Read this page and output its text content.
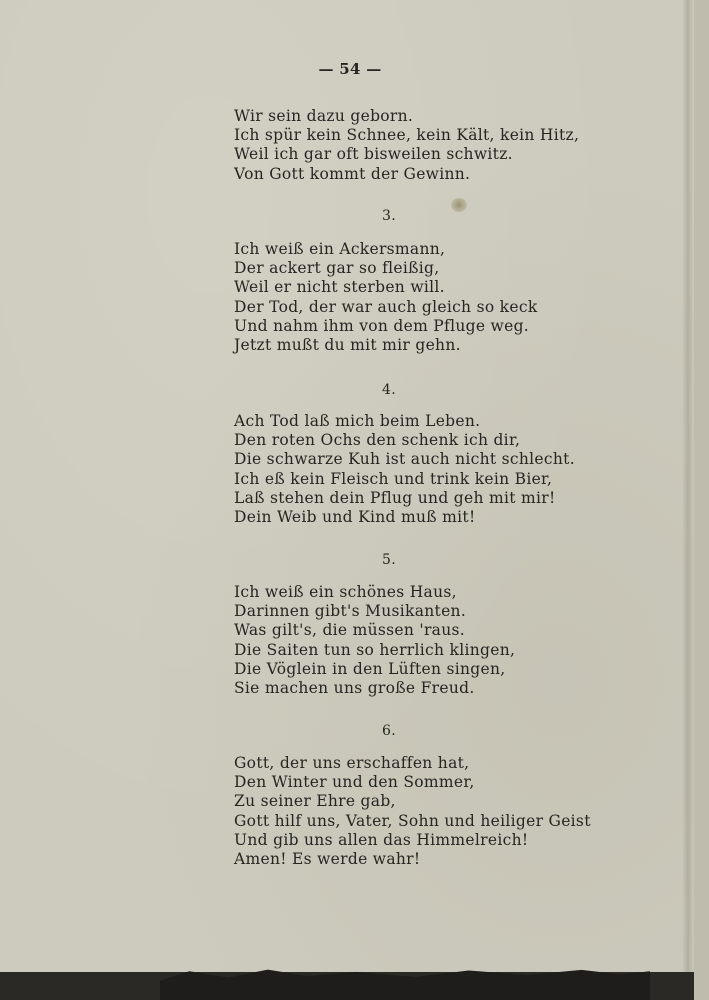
— 54 —
Wir sein dazu geborn.
Ich spür kein Schnee, kein Kält, kein Hitz,
Weil ich gar oft bisweilen schwitz.
Von Gott kommt der Gewinn.
3.
Ich weiß ein Ackersmann,
Der ackert gar so fleißig,
Weil er nicht sterben will.
Der Tod, der war auch gleich so keck
Und nahm ihm von dem Pfluge weg.
Jetzt mußt du mit mir gehn.
4.
Ach Tod laß mich beim Leben.
Den roten Ochs den schenk ich dir,
Die schwarze Kuh ist auch nicht schlecht.
Ich eß kein Fleisch und trink kein Bier,
Laß stehen dein Pflug und geh mit mir!
Dein Weib und Kind muß mit!
5.
Ich weiß ein schönes Haus,
Darinnen gibt's Musikanten.
Was gilt's, die müssen 'raus.
Die Saiten tun so herrlich klingen,
Die Vöglein in den Lüften singen,
Sie machen uns große Freud.
6.
Gott, der uns erschaffen hat,
Den Winter und den Sommer,
Zu seiner Ehre gab,
Gott hilf uns, Vater, Sohn und heiliger Geist
Und gib uns allen das Himmelreich!
Amen! Es werde wahr!
